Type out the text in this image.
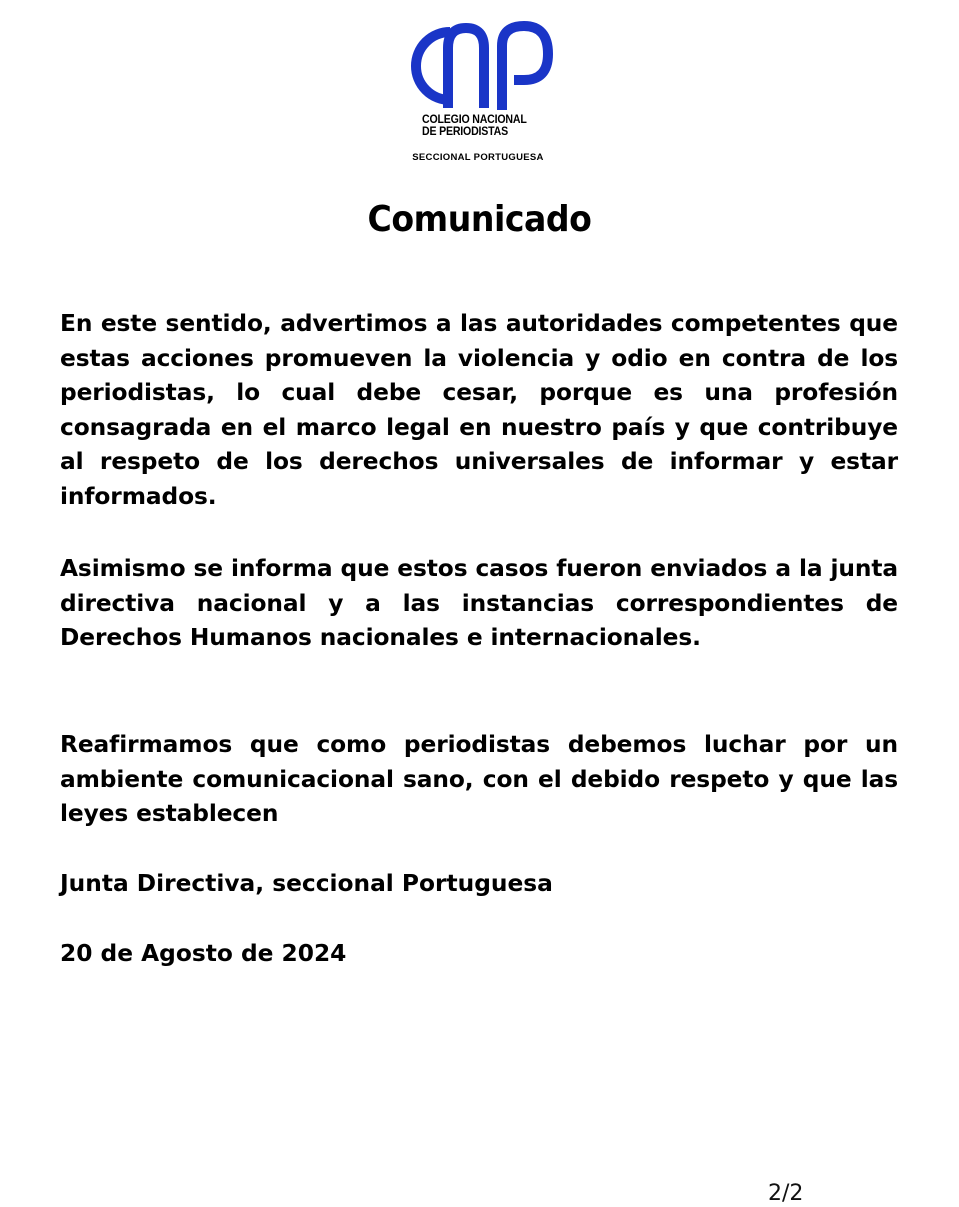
COLEGIO NACIONAL
DE PERIODISTAS
SECCIONAL PORTUGUESA
Comunicado

En este sentido, advertimos a las autoridades competentes que estas acciones promueven la violencia y odio en contra de los periodistas, lo cual debe cesar, porque es una profesión consagrada en el marco legal en nuestro país y que contribuye al respeto de los derechos universales de informar y estar informados.

Asimismo se informa que estos casos fueron enviados a la junta directiva nacional y a las instancias correspondientes de Derechos Humanos nacionales e internacionales.

Reafirmamos que como periodistas debemos luchar por un ambiente comunicacional sano, con el debido respeto y que las leyes establecen

Junta Directiva, seccional Portuguesa

20 de Agosto de 2024

2/2
